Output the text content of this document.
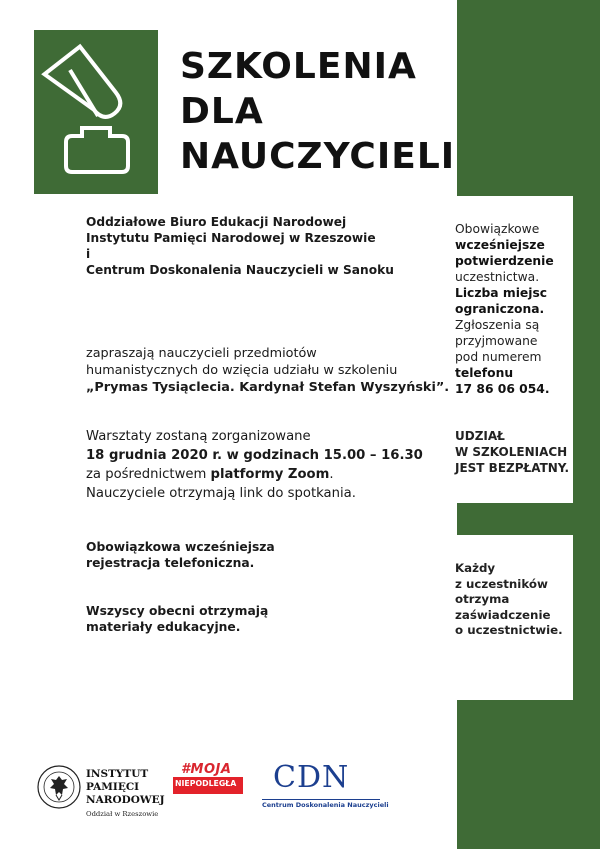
SZKOLENIA
DLA
NAUCZYCIELI
Obowiązkowe
wcześniejsze
potwierdzenie
uczestnictwa.
Liczba miejsc
ograniczona.
Zgłoszenia są
przyjmowane
pod numerem
telefonu
17 86 06 054.
UDZIAŁ
W SZKOLENIACH
JEST BEZPŁATNY.
Każdy
z uczestników
otrzyma
zaświadczenie
o uczestnictwie.
Oddziałowe Biuro Edukacji Narodowej
Instytutu Pamięci Narodowej w Rzeszowie
i
Centrum Doskonalenia Nauczycieli w Sanoku
zapraszają nauczycieli przedmiotów
humanistycznych do wzięcia udziału w szkoleniu
„Prymas Tysiąclecia. Kardynał Stefan Wyszyński”.
Warsztaty zostaną zorganizowane
18 grudnia 2020 r. w godzinach 15.00 – 16.30
za pośrednictwem platformy Zoom.
Nauczyciele otrzymają link do spotkania.
Obowiązkowa wcześniejsza
rejestracja telefoniczna.
Wszyscy obecni otrzymają
materiały edukacyjne.
INSTYTUT
PAMIĘCI
NARODOWEJ
Oddział w Rzeszowie
#MOJA
NIEPODLEGŁA CDN
Centrum Doskonalenia Nauczycieli
